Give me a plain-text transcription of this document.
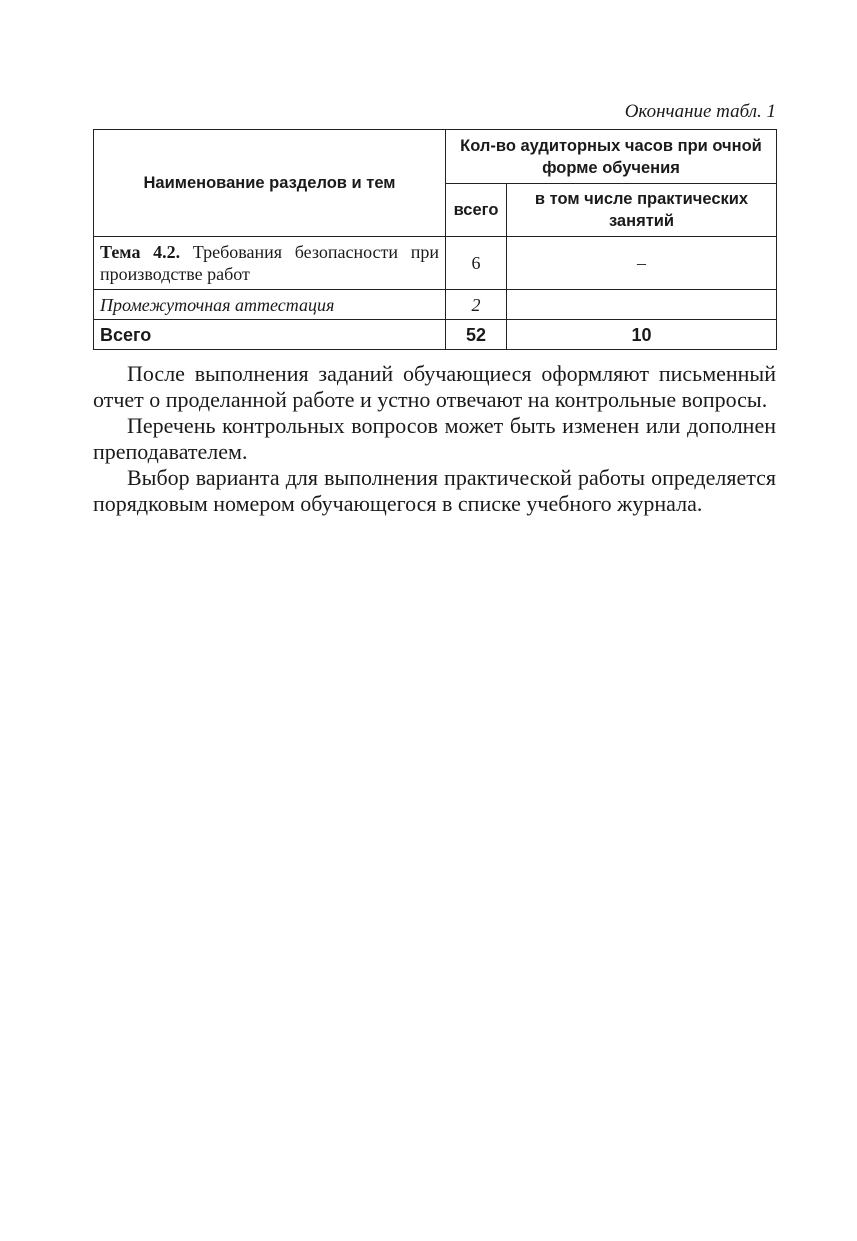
Окончание табл. 1
Наименование разделов и тем	Кол-во аудиторных часов при очной форме обучения	
	всего	в том числе практических занятий
Тема 4.2. Требования безопасности при производстве работ	6	–
Промежуточная аттестация	2	
Всего	52	10

После выполнения заданий обучающиеся оформляют письменный отчет о проделанной работе и устно отвечают на контрольные вопросы.

Перечень контрольных вопросов может быть изменен или дополнен преподавателем.

Выбор варианта для выполнения практической работы определяется порядковым номером обучающегося в списке учебного журнала.
